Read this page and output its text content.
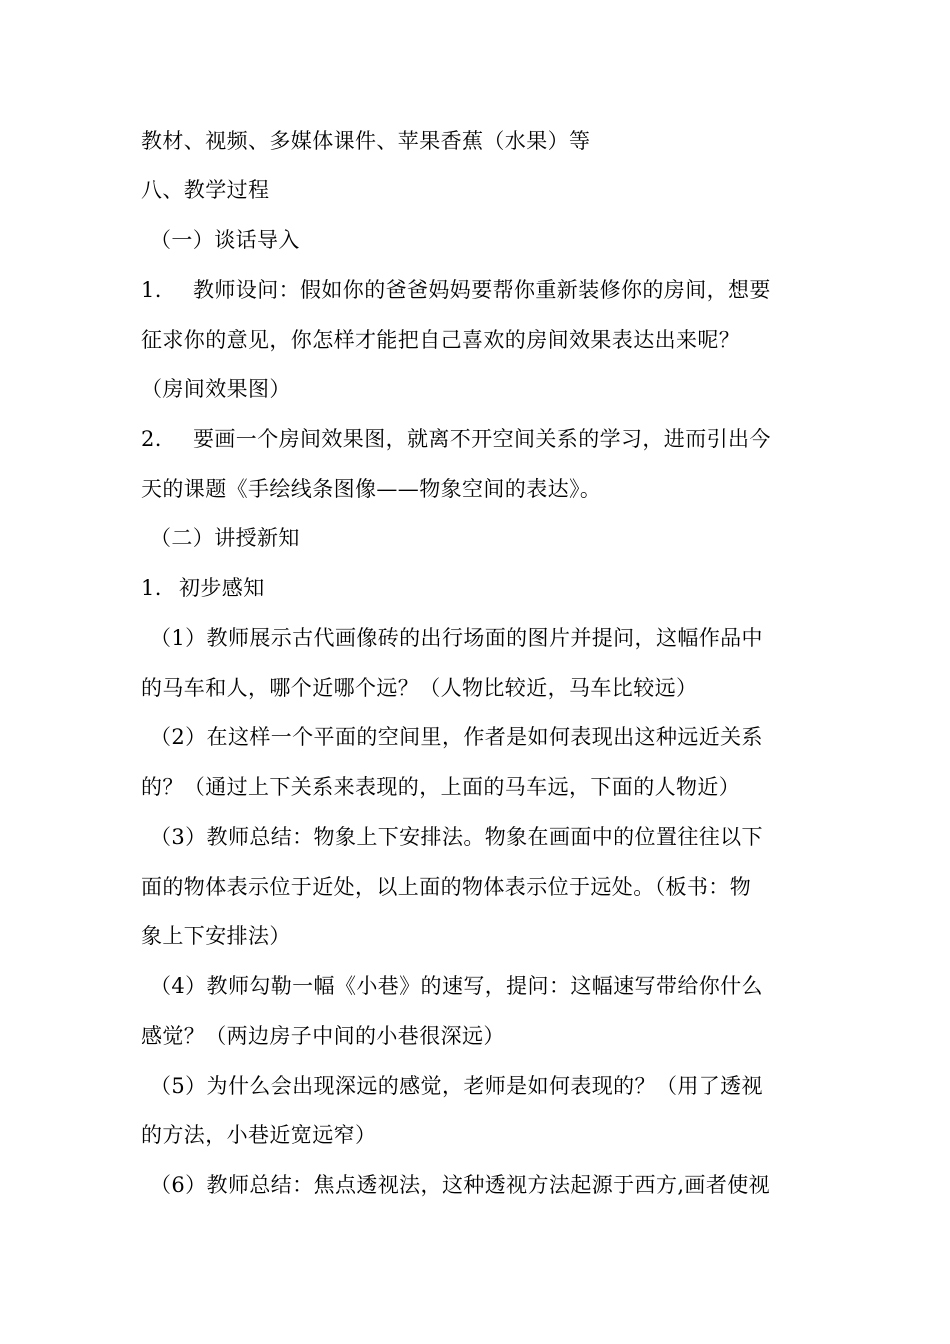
教材、视频、多媒体课件、苹果香蕉（水果）等
八、教学过程
（一）谈话导入
1. 教师设问：假如你的爸爸妈妈要帮你重新装修你的房间，想要
征求你的意见，你怎样才能把自己喜欢的房间效果表达出来呢？
（房间效果图）
2. 要画一个房间效果图，就离不开空间关系的学习，进而引出今
天的课题《手绘线条图像——物象空间的表达》。
（二）讲授新知
1. 初步感知
（1）教师展示古代画像砖的出行场面的图片并提问，这幅作品中
的马车和人，哪个近哪个远？（人物比较近，马车比较远）
（2）在这样一个平面的空间里，作者是如何表现出这种远近关系
的？（通过上下关系来表现的，上面的马车远，下面的人物近）
（3）教师总结：物象上下安排法。物象在画面中的位置往往以下
面的物体表示位于近处，以上面的物体表示位于远处。（板书：物
象上下安排法）
（4）教师勾勒一幅《小巷》的速写，提问：这幅速写带给你什么
感觉？（两边房子中间的小巷很深远）
（5）为什么会出现深远的感觉，老师是如何表现的？（用了透视
的方法，小巷近宽远窄）
（6）教师总结：焦点透视法，这种透视方法起源于西方,画者使视
